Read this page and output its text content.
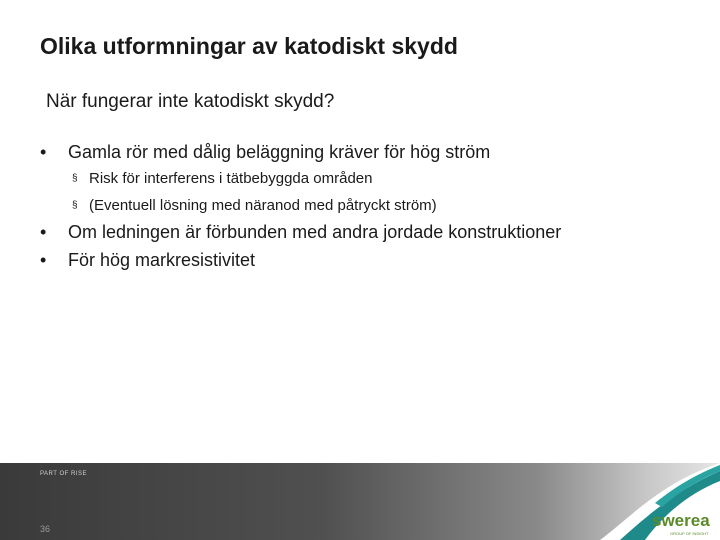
Olika utformningar av katodiskt skydd
När fungerar inte katodiskt skydd?
• Gamla rör med dålig beläggning kräver för hög ström
§ Risk för interferens i tätbebyggda områden
§ (Eventuell lösning med näranod med påtryckt ström)
• Om ledningen är förbunden med andra jordade konstruktioner
• För hög markresistivitet
PART OF RISE
36	swerea
GROUP OF INSIGHT
